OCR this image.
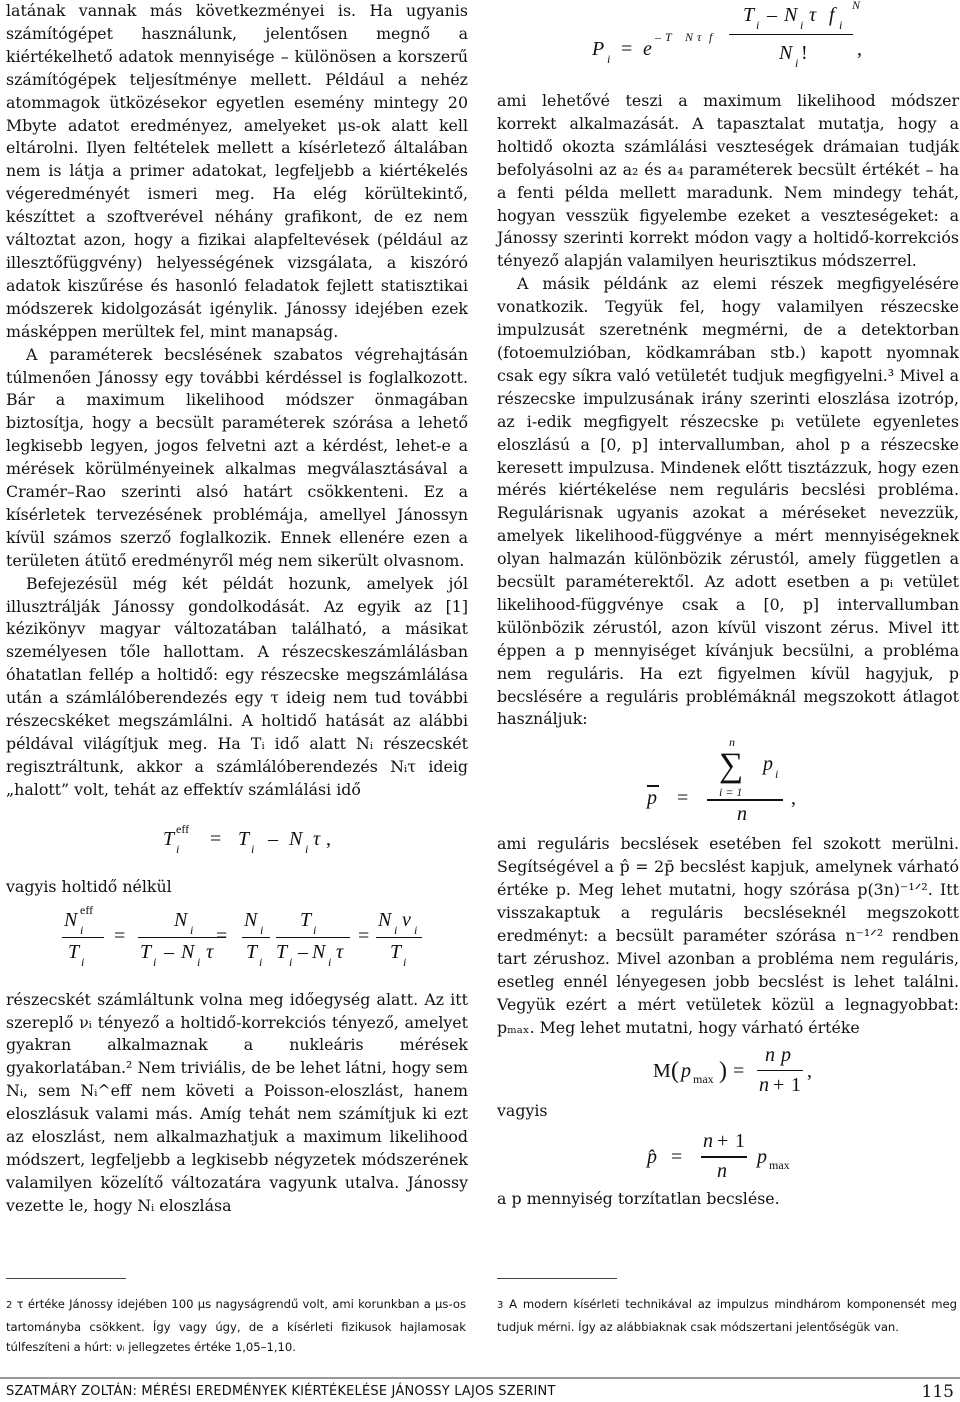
latának vannak más következményei is. Ha ugyanis számítógépet használunk, jelentősen megnő a kiértékelhető adatok mennyisége – különösen a korszerű számítógépek teljesítménye mellett. Például a nehéz atommagok ütközésekor egyetlen esemény mintegy 20 Mbyte adatot eredményez, amelyeket μs-ok alatt kell eltárolni. Ilyen feltételek mellett a kísérletező általában nem is látja a primer adatokat, legfeljebb a kiértékelés végeredményét ismeri meg. Ha elég körültekintő, készíttet a szoftverével néhány grafikont, de ez nem változtat azon, hogy a fizikai alapfeltevések (például az illesztőfüggvény) helyességének vizsgálata, a kiszóró adatok kiszűrése és hasonló feladatok fejlett statisztikai módszerek kidolgozását igénylik. Jánossy idejében ezek másképpen merültek fel, mint manapság.

A paraméterek becslésének szabatos végrehajtásán túlmenően Jánossy egy további kérdéssel is foglalkozott. Bár a maximum likelihood módszer önmagában biztosítja, hogy a becsült paraméterek szórása a lehető legkisebb legyen, jogos felvetni azt a kérdést, lehet-e a mérések körülményeinek alkalmas megválasztásával a Cramér–Rao szerinti alsó határt csökkenteni. Ez a kísérletek tervezésének problémája, amellyel Jánossyn kívül számos szerző foglalkozik. Ennek ellenére ezen a területen átütő eredményről még nem sikerült olvasnom.

Befejezésül még két példát hozunk, amelyek jól illusztrálják Jánossy gondolkodását. Az egyik az [1] kézikönyv magyar változatában található, a másikat személyesen tőle hallottam. A részecskeszámlálásban óhatatlan fellép a holtidő: egy részecske megszámlálása után a számlálóberendezés egy τ ideig nem tud további részecskéket megszámlálni. A holtidő hatását az alábbi példával világítjuk meg. Ha Tᵢ idő alatt Nᵢ részecskét regisztráltunk, akkor a számlálóberendezés Nᵢτ ideig „halott” volt, tehát az effektív számlálási idő

T eff
i = T i – N i τ ,

vagyis holtidő nélkül

N eff
i
T i
=
N i
T i – N i τ
=
N i
T i
T i
T i – N i τ
=
N i ν i
T i

részecskét számláltunk volna meg időegység alatt. Az itt szereplő νᵢ tényező a holtidő-korrekciós tényező, amelyet gyakran alkalmaznak a nukleáris mérések gyakorlatában.² Nem triviális, de be lehet látni, hogy sem Nᵢ, sem Nᵢ^eff nem követi a Poisson-eloszlást, hanem eloszlásuk valami más. Amíg tehát nem számítjuk ki ezt az eloszlást, nem alkalmazhatjuk a maximum likelihood módszert, legfeljebb a legkisebb négyzetek módszerének valamilyen közelítő változatára vagyunk utalva. Jánossy vezette le, hogy Nᵢ eloszlása

P i = e
– T N τ f
T i – N i τ f i
N
N i ! ,

ami lehetővé teszi a maximum likelihood módszer korrekt alkalmazását. A tapasztalat mutatja, hogy a holtidő okozta számlálási veszteségek drámaian tudják befolyásolni az a₂ és a₄ paraméterek becsült értékét – ha a fenti példa mellett maradunk. Nem mindegy tehát, hogyan vesszük figyelembe ezeket a veszteségeket: a Jánossy szerinti korrekt módon vagy a holtidő-korrekciós tényező alapján valamilyen heurisztikus módszerrel.

A másik példánk az elemi részek megfigyelésére vonatkozik. Tegyük fel, hogy valamilyen részecske impulzusát szeretnénk megmérni, de a detektorban (fotoemulzióban, ködkamrában stb.) kapott nyomnak csak egy síkra való vetületét tudjuk megfigyelni.³ Mivel a részecske impulzusának irány szerinti eloszlása izotróp, az i-edik megfigyelt részecske pᵢ vetülete egyenletes eloszlású a [0, p] intervallumban, ahol p a részecske keresett impulzusa. Mindenek előtt tisztázzuk, hogy ezen mérés kiértékelése nem reguláris becslési probléma. Regulárisnak ugyanis azokat a méréseket nevezzük, amelyek likelihood-függvénye a mért mennyiségeknek olyan halmazán különbözik zérustól, amely független a becsült paraméterektől. Az adott esetben a pᵢ vetület likelihood-függvénye csak a [0, p] intervallumban különbözik zérustól, azon kívül viszont zérus. Mivel itt éppen a p mennyiséget kívánjuk becsülni, a probléma nem reguláris. Ha ezt figyelmen kívül hagyjuk, p becslésére a reguláris problémáknál megszokott átlagot használjuk:

n
∑
i = 1
p i
n
p =	,

ami reguláris becslések esetében fel szokott merülni. Segítségével a p̂ = 2p̄ becslést kapjuk, amelynek várható értéke p. Meg lehet mutatni, hogy szórása p(3n)⁻¹ᐟ². Itt visszakaptuk a reguláris becsléseknél megszokott eredményt: a becsült paraméter szórása n⁻¹ᐟ² rendben tart zérushoz. Mivel azonban a probléma nem reguláris, esetleg ennél lényegesen jobb becslést is lehet találni. Vegyük ezért a mért vetületek közül a legnagyobbat: pₘₐₓ. Meg lehet mutatni, hogy várható értéke

M ( p max ) =
n p
n + 1
,

vagyis

p̂ =
n + 1
n
p max

a p mennyiség torzítatlan becslése.

2 τ értéke Jánossy idejében 100 μs nagyságrendű volt, ami korunkban a μs-os tartományba csökkent. Így vagy úgy, de a kísérleti fizikusok hajlamosak túlfeszíteni a húrt: νᵢ jellegzetes értéke 1,05–1,10.
3 A modern kísérleti technikával az impulzus mindhárom komponensét meg tudjuk mérni. Így az alábbiaknak csak módszertani jelentőségük van.
SZATMÁRY ZOLTÁN: MÉRÉSI EREDMÉNYEK KIÉRTÉKELÉSE JÁNOSSY LAJOS SZERINT	115
